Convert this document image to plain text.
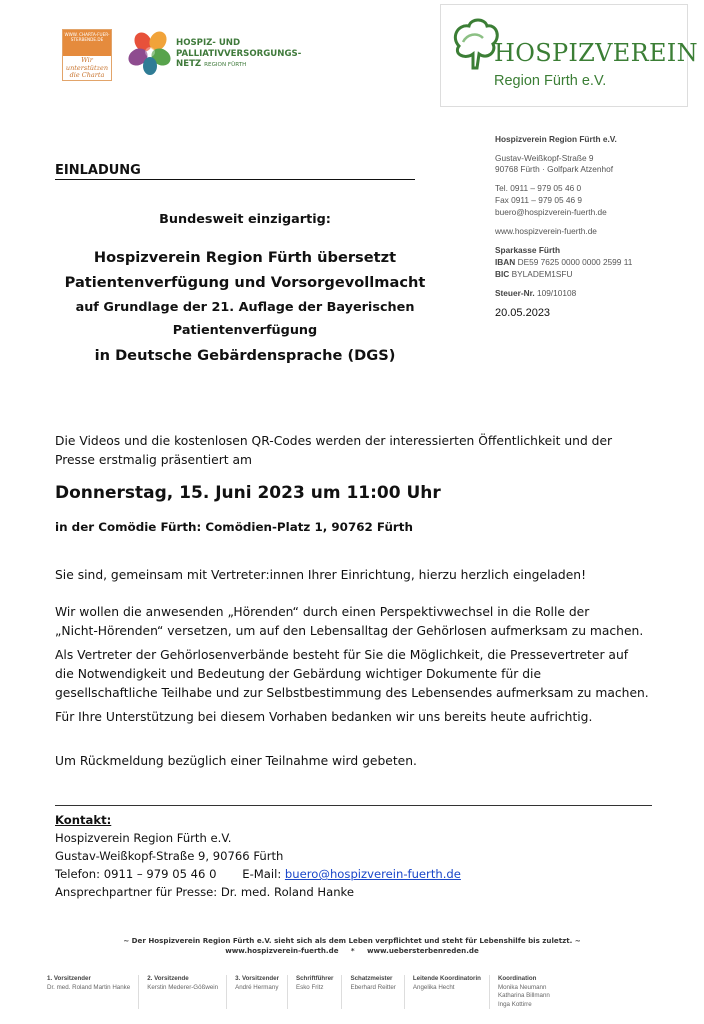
WWW. CHARTA-FUER-STERBENDE.DE
Wir unterstützen die Charta
HOSPIZ- UND
PALLIATIVVERSORGUNGS-
NETZ REGION FÜRTH	HOSPIZVEREIN
Region Fürth e.V.
Hospizverein Region Fürth e.V.
Gustav-Weißkopf-Straße 9
90768 Fürth · Golfpark Atzenhof
Tel. 0911 – 979 05 46 0
Fax 0911 – 979 05 46 9
buero@hospizverein-fuerth.de
www.hospizverein-fuerth.de
Sparkasse Fürth
IBAN DE59 7625 0000 0000 2599 11
BIC BYLADEM1SFU
Steuer-Nr. 109/10108
20.05.2023
EINLADUNG
Bundesweit einzigartig:
Hospizverein Region Fürth übersetzt
Patientenverfügung und Vorsorgevollmacht
auf Grundlage der 21. Auflage der Bayerischen
Patientenverfügung
in Deutsche Gebärdensprache (DGS)
Die Videos und die kostenlosen QR-Codes werden der interessierten Öffentlichkeit und der
Presse erstmalig präsentiert am
Donnerstag, 15. Juni 2023 um 11:00 Uhr
in der Comödie Fürth: Comödien-Platz 1, 90762 Fürth
Sie sind, gemeinsam mit Vertreter:innen Ihrer Einrichtung, hierzu herzlich eingeladen!
Wir wollen die anwesenden „Hörenden“ durch einen Perspektivwechsel in die Rolle der
„Nicht-Hörenden“ versetzen, um auf den Lebensalltag der Gehörlosen aufmerksam zu machen.
Als Vertreter der Gehörlosenverbände besteht für Sie die Möglichkeit, die Pressevertreter auf
die Notwendigkeit und Bedeutung der Gebärdung wichtiger Dokumente für die
gesellschaftliche Teilhabe und zur Selbstbestimmung des Lebensendes aufmerksam zu machen.
Für Ihre Unterstützung bei diesem Vorhaben bedanken wir uns bereits heute aufrichtig.
Um Rückmeldung bezüglich einer Teilnahme wird gebeten.
Kontakt:
Hospizverein Region Fürth e.V.
Gustav-Weißkopf-Straße 9, 90766 Fürth
Telefon: 0911 – 979 05 46 0 E-Mail: buero@hospizverein-fuerth.de
Ansprechpartner für Presse: Dr. med. Roland Hanke
~ Der Hospizverein Region Fürth e.V. sieht sich als dem Leben verpflichtet und steht für Lebenshilfe bis zuletzt. ~
www.hospizverein-fuerth.de * www.uebersterbenreden.de
1. Vorsitzender
Dr. med. Roland Martin Hanke
2. Vorsitzende
Kerstin Mederer-Gößwein
3. Vorsitzender
André Hermany
Schriftführer
Esko Fritz
Schatzmeister
Eberhard Reitter
Leitende Koordinatorin
Angelika Hecht
Koordination
Monika Neumann
Katharina Billmann
Inga Kottirre
